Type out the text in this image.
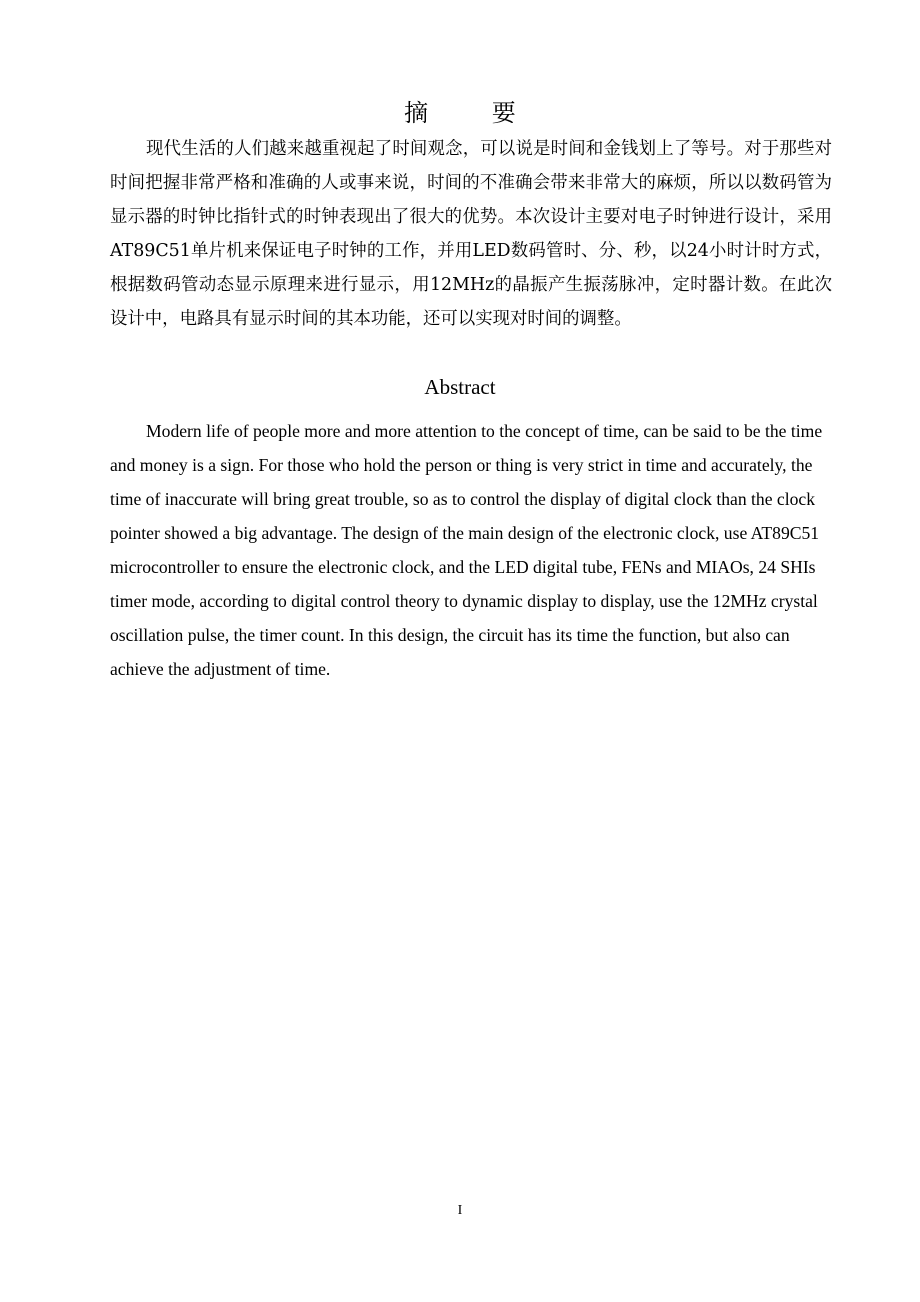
摘 要

现代生活的人们越来越重视起了时间观念，可以说是时间和金钱划上了等号。对于那些对时间把握非常严格和准确的人或事来说，时间的不准确会带来非常大的麻烦，所以以数码管为显示器的时钟比指针式的时钟表现出了很大的优势。本次设计主要对电子时钟进行设计，采用AT89C51单片机来保证电子时钟的工作，并用LED数码管时、分、秒，以24小时计时方式，根据数码管动态显示原理来进行显示，用12MHz的晶振产生振荡脉冲，定时器计数。在此次设计中，电路具有显示时间的其本功能，还可以实现对时间的调整。

Abstract

Modern life of people more and more attention to the concept of time, can be said to be the time and money is a sign. For those who hold the person or thing is very strict in time and accurately, the time of inaccurate will bring great trouble, so as to control the display of digital clock than the clock pointer showed a big advantage. The design of the main design of the electronic clock, use AT89C51 microcontroller to ensure the electronic clock, and the LED digital tube, FENs and MIAOs, 24 SHIs timer mode, according to digital control theory to dynamic display to display, use the 12MHz crystal oscillation pulse, the timer count. In this design, the circuit has its time the function, but also can achieve the adjustment of time.

I
